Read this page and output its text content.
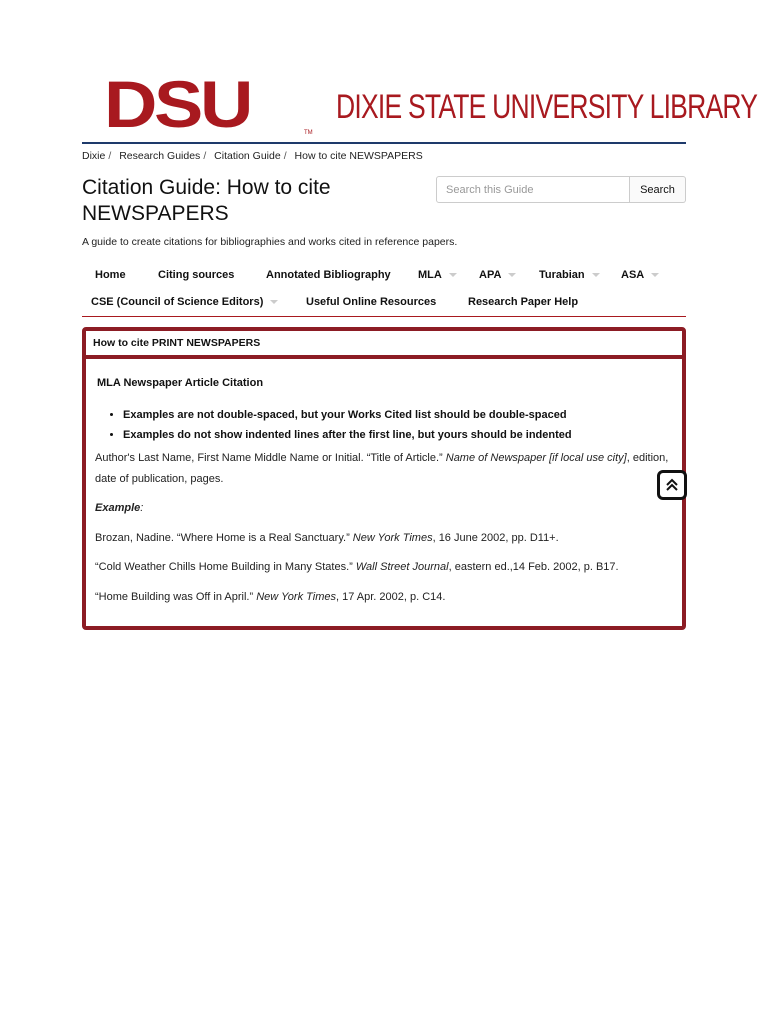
DSU	TM
DIXIE STATE UNIVERSITY LIBRARY
Dixie / Research Guides / Citation Guide / How to cite NEWSPAPERS
Citation Guide: How to cite NEWSPAPERS
Search this Guide
Search
A guide to create citations for bibliographies and works cited in reference papers.
Home	Citing sources	Annotated Bibliography MLA	APA	Turabian	ASA
CSE (Council of Science Editors)	Useful Online Resources	Research Paper Help
How to cite PRINT NEWSPAPERS
MLA Newspaper Article Citation
• Examples are not double-spaced, but your Works Cited list should be double-spaced
• Examples do not show indented lines after the first line, but yours should be indented
Author's Last Name, First Name Middle Name or Initial. “Title of Article.” Name of Newspaper [if local use city], edition, date of publication, pages.
Example:
Brozan, Nadine. “Where Home is a Real Sanctuary.” New York Times, 16 June 2002, pp. D11+.
“Cold Weather Chills Home Building in Many States.” Wall Street Journal, eastern ed.,14 Feb. 2002, p. B17.
“Home Building was Off in April.” New York Times, 17 Apr. 2002, p. C14.
